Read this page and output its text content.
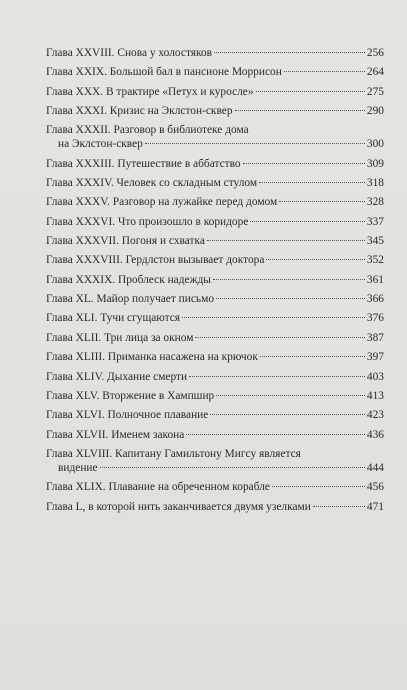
Глава XXVIII. Снова у холостяков	256
Глава XXIX. Большой бал в пансионе Моррисон	264
Глава XXX. В трактире «Петух и куросле»	275
Глава XXXI. Кризис на Эклстон-сквер	290
Глава XXXII. Разговор в библиотеке дома
на Эклстон-сквер	300
Глава XXXIII. Путешествие в аббатство	309
Глава XXXIV. Человек со складным стулом	318
Глава XXXV. Разговор на лужайке перед домом	328
Глава XXXVI. Что произошло в коридоре	337
Глава XXXVII. Погоня и схватка	345
Глава XXXVIII. Гердлстон вызывает доктора	352
Глава XXXIX. Проблеск надежды	361
Глава XL. Майор получает письмо	366
Глава XLI. Тучи сгущаются	376
Глава XLII. Три лица за окном	387
Глава XLIII. Приманка насажена на крючок	397
Глава XLIV. Дыхание смерти	403
Глава XLV. Вторжение в Хампшир	413
Глава XLVI. Полночное плавание	423
Глава XLVII. Именем закона	436
Глава XLVIII. Капитану Гамильтону Мигсу является
видение	444
Глава XLIX. Плавание на обреченном корабле	456
Глава L, в которой нить заканчивается двумя узелками	471
